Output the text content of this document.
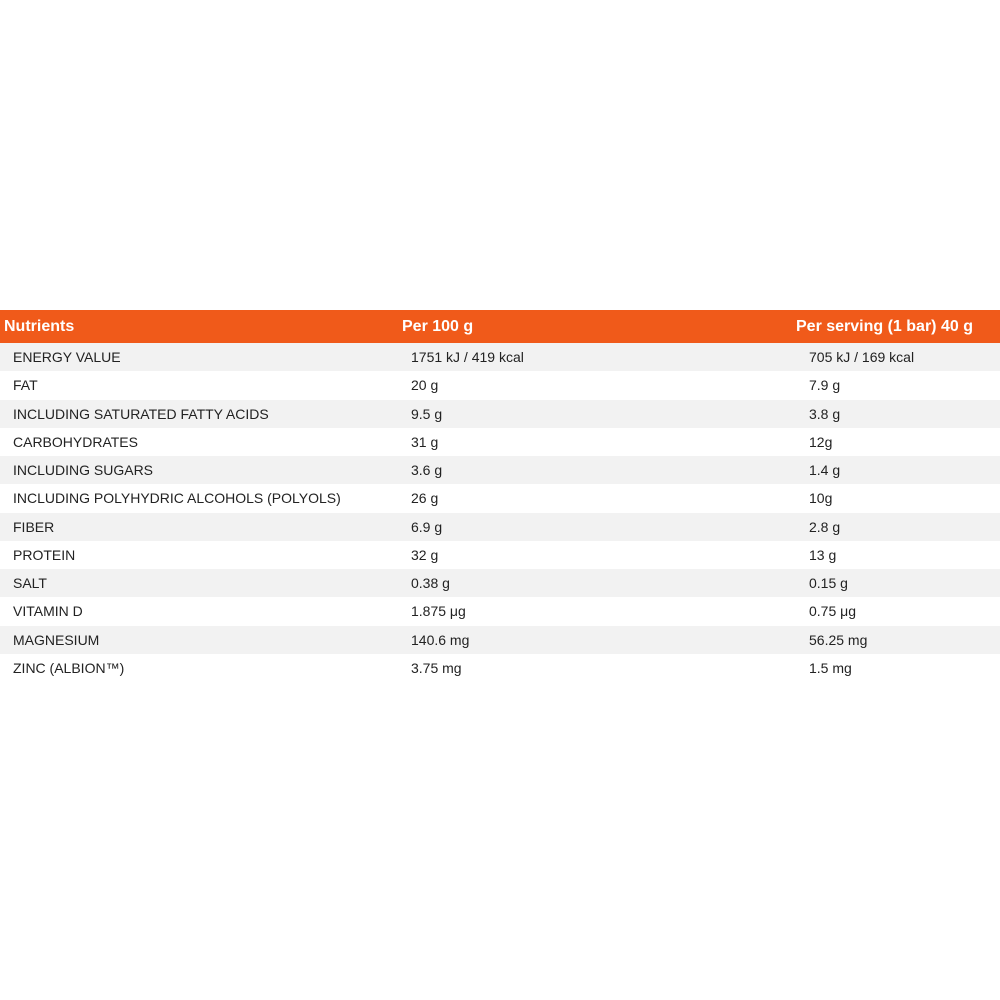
Nutrients	Per 100 g	Per serving (1 bar) 40 g
ENERGY VALUE	1751 kJ / 419 kcal	705 kJ / 169 kcal
FAT	20 g	7.9 g
INCLUDING SATURATED FATTY ACIDS	9.5 g	3.8 g
CARBOHYDRATES	31 g	12g
INCLUDING SUGARS	3.6 g	1.4 g
INCLUDING POLYHYDRIC ALCOHOLS (POLYOLS)	26 g	10g
FIBER	6.9 g	2.8 g
PROTEIN	32 g	13 g
SALT	0.38 g	0.15 g
VITAMIN D	1.875 μg	0.75 μg
MAGNESIUM	140.6 mg	56.25 mg
ZINC (ALBION™)	3.75 mg	1.5 mg
